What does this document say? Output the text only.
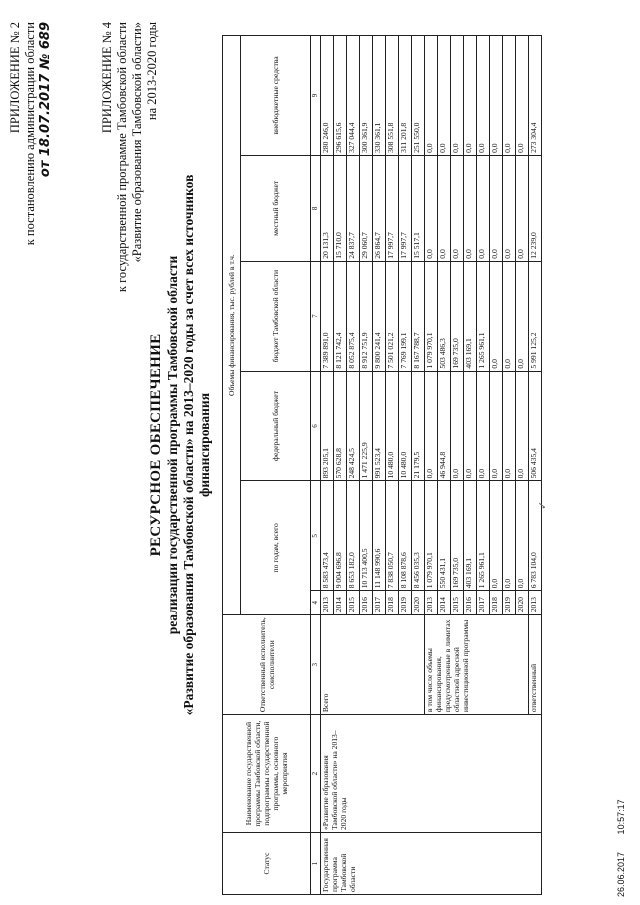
ПРИЛОЖЕНИЕ № 2 к постановлению администрации области от 18.07.2017 № 689	ПРИЛОЖЕНИЕ № 4 к государственной программе Тамбовской области «Развитие образования Тамбовской области» на 2013-2020 годы
РЕСУРСНОЕ ОБЕСПЕЧЕНИЕ реализации государственной программы Тамбовской области «Развитие образования Тамбовской области» на 2013–2020 годы за счет всех источников финансирования
Статус	Наименование государственной программы Тамбовской области, подпрограммы государственной программы, основного мероприятия	Ответственный исполнитель, соисполнители	Объемы финансирования, тыс. рублей в т.ч.					
			по годам, всего		федеральный бюджет	бюджет Тамбовской области	местный бюджет	внебюджетные средства
1	2	3	4	5	6	7	8	9
Государственная программа Тамбовской области	«Развитие образования Тамбовской области» на 2013–2020 годы	Всего	2013	8 583 473,4	893 205,1	7 389 891,0	20 131,3	280 246,0
			2014	9 004 696,8	570 628,8	8 121 742,4	15 710,0	296 615,6
			2015	8 653 182,0	248 424,5	8 052 875,4	24 837,7	327 044,4
			2016	10 713 400,5	1 471 225,9	8 912 751,9	29 060,7	300 361,9
			2017	11 148 990,6	991 523,4	9 800 241,4	26 864,7	330 361,1
			2018	7 838 050,7	10 480,0	7 501 021,2	17 997,7	308 551,8
			2019	8 108 878,6	10 480,0	7 769 199,1	17 997,7	311 201,8
			2020	8 456 035,3	21 179,5	8 167 788,7	15 517,1	251 550,0
		в том числе объемы финансирования, предусмотренные в лимитах областной адресной инвестиционной программы	2013	1 079 970,1	0,0	1 079 970,1	0,0	0,0
			2014	550 431,1	46 944,8	503 486,3	0,0	0,0
			2015	169 735,0	0,0	169 735,0	0,0	0,0
			2016	403 169,1	0,0	403 169,1	0,0	0,0
			2017	1 265 961,1	0,0	1 265 961,1	0,0	0,0
			2018	0,0	0,0	0,0	0,0	0,0
			2019	0,0	0,0	0,0	0,0	0,0
			2020	0,0	0,0	0,0	0,0	0,0
		ответственный	2013	6 783 104,0	506 435,4	5 991 125,2	12 239,0	273 304,4
✓
26.06.2017       10:57:17
